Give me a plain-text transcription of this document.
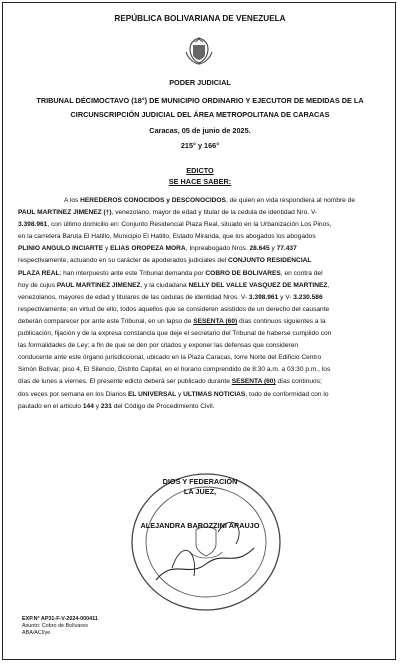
REPÚBLICA BOLIVARIANA DE VENEZUELA
PODER JUDICIAL
TRIBUNAL DÉCIMOCTAVO (18°) DE MUNICIPIO ORDINARIO Y EJECUTOR DE MEDIDAS DE LA
CIRCUNSCRIPCIÓN JUDICIAL DEL ÁREA METROPOLITANA DE CARACAS
Caracas, 05 de junio de 2025.
215° y 166°
EDICTO
SE HACE SABER:
A los HEREDEROS CONOCIDOS y DESCONOCIDOS, de quien en vida respondiera al nombre de
PAUL MARTINEZ JIMENEZ (†), venezolano, mayor de edad y titular de la cedula de identidad Nro. V-
3.398.961, con último domicilio en: Conjunto Residencial Plaza Real, situado en la Urbanización Los Pinos,
en la carretera Baruta El Hatillo, Municipio El Hatillo, Estado Miranda, que los abogados los abogados
PLINIO ANGULO INCIARTE y ELIAS OROPEZA MORA, Inpreabogado Nros. 28.645 y 77.437
respectivamente, actuando en su carácter de apoderados judiciales del CONJUNTO RESIDENCIAL
PLAZA REAL; han interpuesto ante este Tribunal demanda por COBRO DE BOLIVARES, en contra del
hoy de cujus PAUL MARTINEZ JIMENEZ, y la ciudadana NELLY DEL VALLE VASQUEZ DE MARTINEZ,
venezolanos, mayores de edad y titulares de las cedulas de identidad Nros. V- 3.398.961 y V- 3.230.586
respectivamente; en virtud de ello, todos aquellos que se consideren asistidos de un derecho del causante
deberán comparecer por ante este Tribunal, en un lapso de SESENTA (60) días continuos siguientes a la
publicación, fijación y de la expresa constancia que deje el secretario del Tribunal de haberse cumplido con
las formalidades de Ley; a fin de que se den por citados y exponer las defensas que consideren
conducente ante este órgano jurisdiccional, ubicado en la Plaza Caracas, torre Norte del Edificio Centro
Simón Bolívar, piso 4, El Silencio, Distrito Capital, en el horario comprendido de 8:30 a.m. a 03:30 p.m., los
días de lunes a viernes. El presente edicto deberá ser publicado durante SESENTA (60) días continuos;
dos veces por semana en los Diarios EL UNIVERSAL y ULTIMAS NOTICIAS, todo de conformidad con lo
pautado en el articulo 144 y 231 del Código de Procedimiento Civil.
DIOS Y FEDERACIÓN
LA JUEZ,
ALEJANDRA BAROZZINI ARAUJO
EXP.N° AP31-F-V-2024-000411
Asunto: Cobro de Bolívares
ABA/ACl/ye.
